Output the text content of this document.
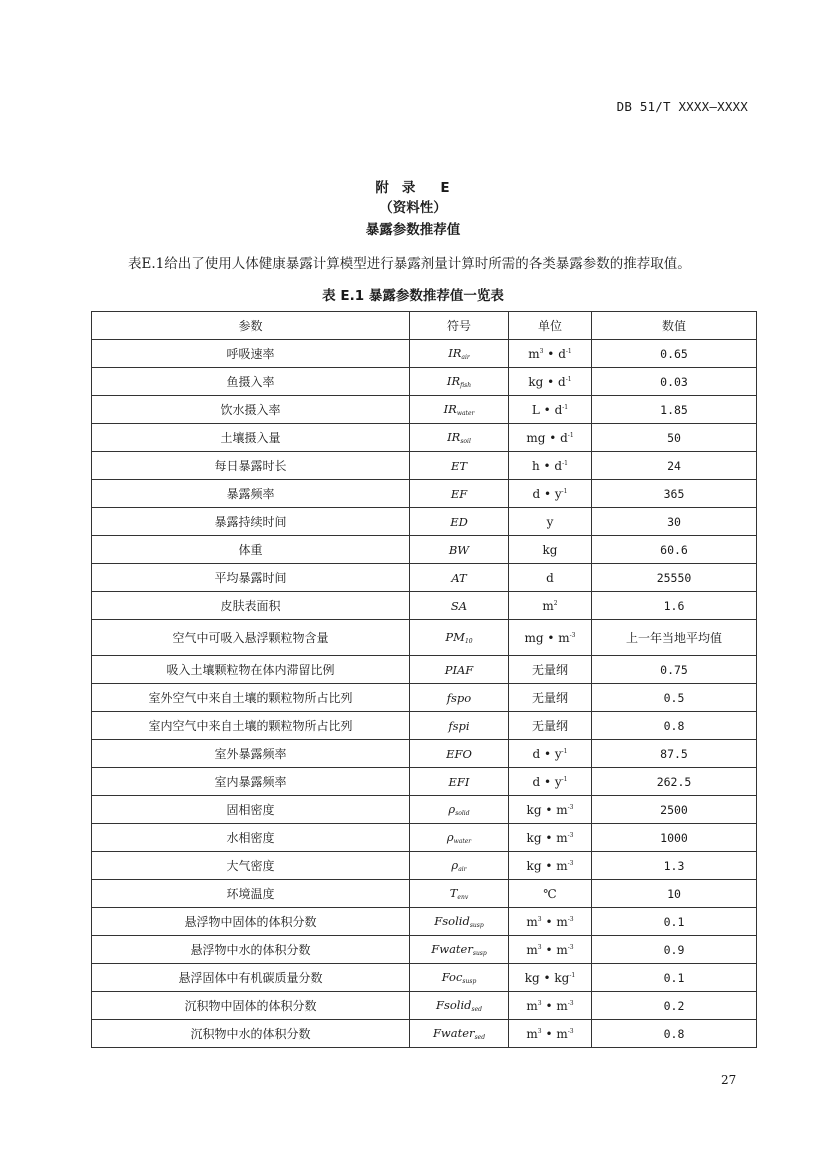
DB 51/T XXXX—XXXX
附 录 E
（资料性）
暴露参数推荐值
表E.1给出了使用人体健康暴露计算模型进行暴露剂量计算时所需的各类暴露参数的推荐取值。
表 E.1 暴露参数推荐值一览表
参数	符号	单位	数值
呼吸速率	$IR_{air}$	$m^3$ • $d^{-1}$	0.65
鱼摄入率	$IR_{fish}$	kg • $d^{-1}$	0.03
饮水摄入率	$IR_{water}$	L • $d^{-1}$	1.85
土壤摄入量	$IR_{soil}$	mg • $d^{-1}$	50
每日暴露时长	ET	h • $d^{-1}$	24
暴露频率	EF	d • $y^{-1}$	365
暴露持续时间	ED	y	30
体重	BW	kg	60.6
平均暴露时间	AT	d	25550
皮肤表面积	SA	$m^2$	1.6
空气中可吸入悬浮颗粒物含量	$PM_{10}$	mg • $m^{-3}$	上一年当地平均值
吸入土壤颗粒物在体内滞留比例	PIAF	无量纲	0.75
室外空气中来自土壤的颗粒物所占比列	fspo	无量纲	0.5
室内空气中来自土壤的颗粒物所占比列	fspi	无量纲	0.8
室外暴露频率	EFO	d • $y^{-1}$	87.5
室内暴露频率	EFI	d • $y^{-1}$	262.5
固相密度	$\rho_{solid}$	kg • $m^{-3}$	2500
水相密度	$\rho_{water}$	kg • $m^{-3}$	1000
大气密度	$\rho_{air}$	kg • $m^{-3}$	1.3
环境温度	$T_{env}$	℃	10
悬浮物中固体的体积分数	Fsolid$_{susp}$	$m^3$ • $m^{-3}$	0.1
悬浮物中水的体积分数	Fwater$_{susp}$	$m^3$ • $m^{-3}$	0.9
悬浮固体中有机碳质量分数	Foc$_{susp}$	kg • $kg^{-1}$	0.1
沉积物中固体的体积分数	Fsolid$_{sed}$	$m^3$ • $m^{-3}$	0.2
沉积物中水的体积分数	Fwater$_{sed}$	$m^3$ • $m^{-3}$	0.8
27
